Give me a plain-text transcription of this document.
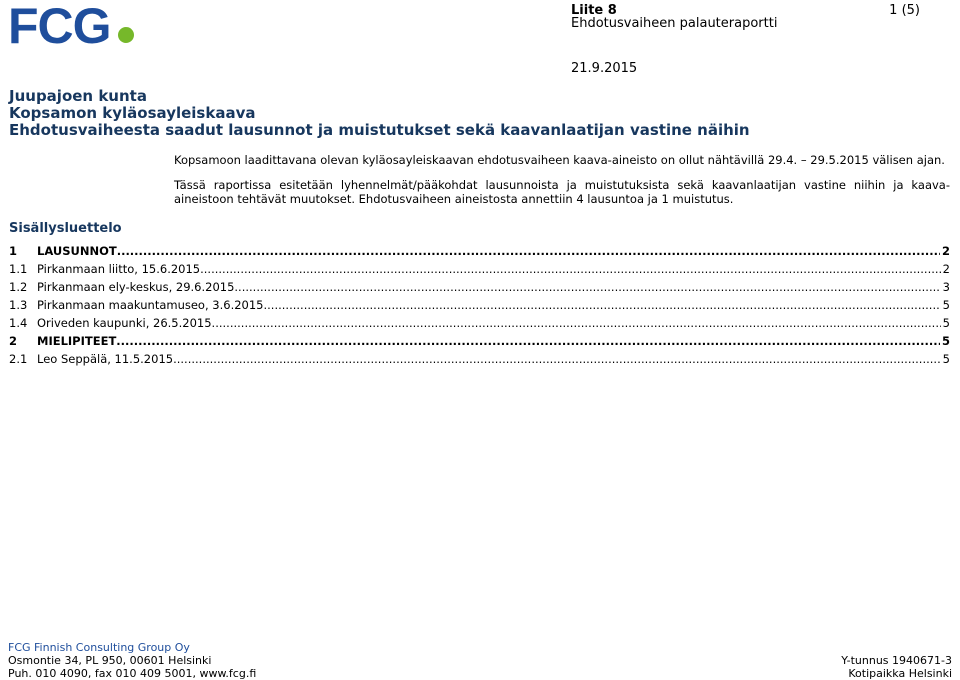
FCG	Liite 8
Ehdotusvaiheen palauteraportti
1 (5)
21.9.2015
Juupajoen kunta
Kopsamon kyläosayleiskaava
Ehdotusvaiheesta saadut lausunnot ja muistutukset sekä kaavanlaatijan vastine näihin

Kopsamoon laadittavana olevan kyläosayleiskaavan ehdotusvaiheen kaava-aineisto on ollut nähtävillä 29.4. – 29.5.2015 välisen ajan.

Tässä raportissa esitetään lyhennelmät/pääkohdat lausunnoista ja muistutuksista sekä kaavanlaatijan vastine niihin ja kaava-aineistoon tehtävät muutokset. Ehdotusvaiheen aineistosta annettiin 4 lausuntoa ja 1 muistutus.

Sisällysluettelo
1	LAUSUNNOT .....	2
1.1 Pirkanmaan liitto, 15.6.2015 .....	2
1.2 Pirkanmaan ely-keskus, 29.6.2015 .....	3
1.3 Pirkanmaan maakuntamuseo, 3.6.2015 .....	5
1.4 Oriveden kaupunki, 26.5.2015 .....	5
2	MIELIPITEET .....	5
2.1 Leo Seppälä, 11.5.2015 .....	5
FCG Finnish Consulting Group Oy
Osmontie 34, PL 950, 00601 Helsinki
Puh. 010 4090, fax 010 409 5001, www.fcg.fi
Y-tunnus 1940671-3
Kotipaikka Helsinki
